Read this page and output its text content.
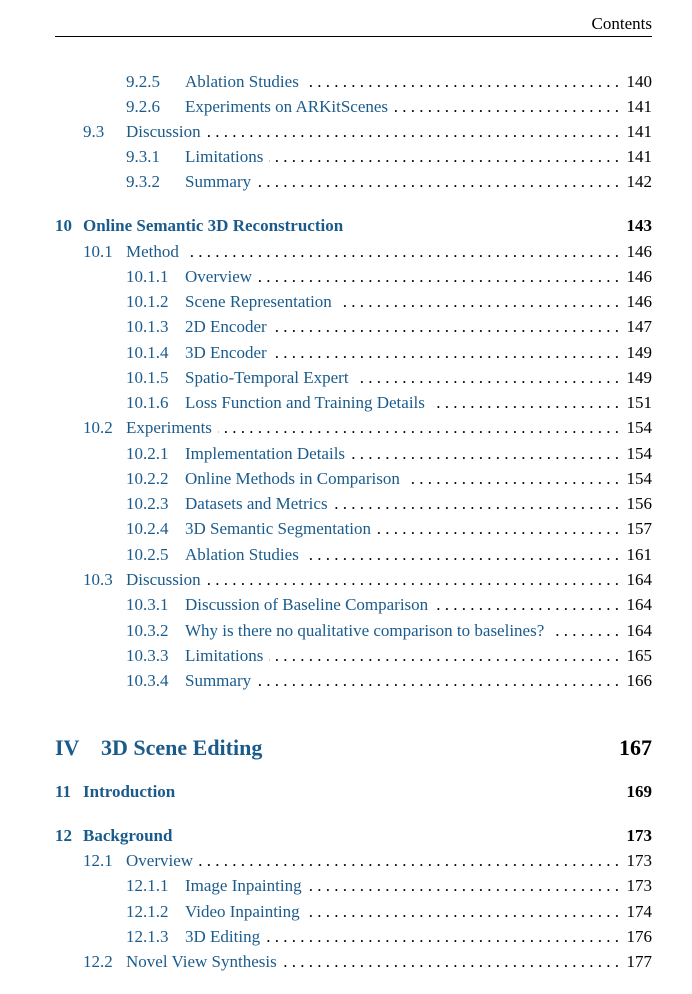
Contents
9.2.5 Ablation Studies . . .	140
9.2.6 Experiments on ARKitScenes . . .	141
9.3 Discussion . . .	141
9.3.1 Limitations . . .	141
9.3.2 Summary . . .	142
10 Online Semantic 3D Reconstruction	143
10.1 Method . . .	146
10.1.1 Overview . . .	146
10.1.2 Scene Representation . . .	146
10.1.3 2D Encoder . . .	147
10.1.4 3D Encoder . . .	149
10.1.5 Spatio-Temporal Expert . . .	149
10.1.6 Loss Function and Training Details . . .	151
10.2 Experiments . . .	154
10.2.1 Implementation Details . . .	154
10.2.2 Online Methods in Comparison . . .	154
10.2.3 Datasets and Metrics . . .	156
10.2.4 3D Semantic Segmentation . . .	157
10.2.5 Ablation Studies . . .	161
10.3 Discussion . . .	164
10.3.1 Discussion of Baseline Comparison . . .	164
10.3.2 Why is there no qualitative comparison to baselines? . . .	164
10.3.3 Limitations . . .	165
10.3.4 Summary . . .	166
IV 3D Scene Editing	167
11 Introduction	169
12 Background	173
12.1 Overview . . .	173
12.1.1 Image Inpainting . . .	173
12.1.2 Video Inpainting . . .	174
12.1.3 3D Editing . . .	176
12.2 Novel View Synthesis . . .	177
